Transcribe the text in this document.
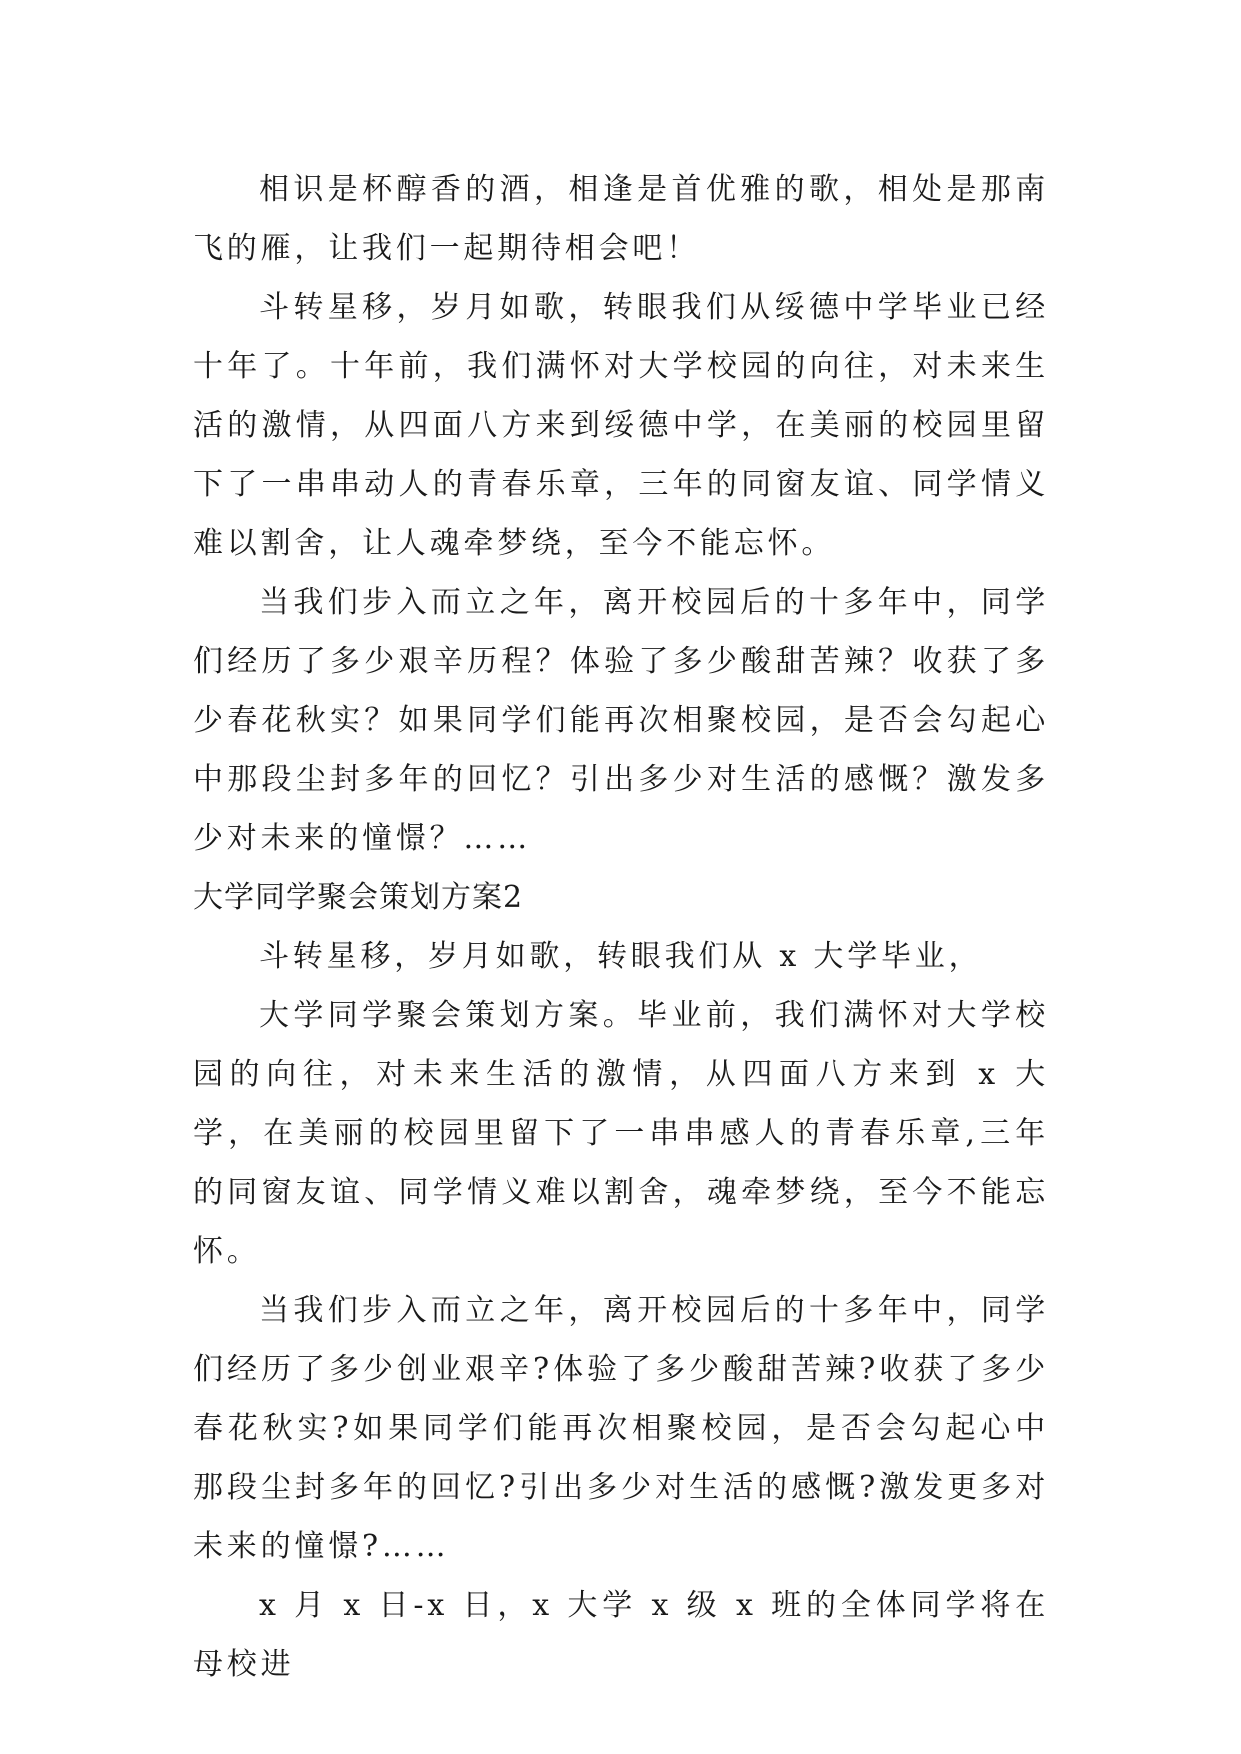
相识是杯醇香的酒，相逢是首优雅的歌，相处是那南飞的雁，让我们一起期待相会吧！

斗转星移，岁月如歌，转眼我们从绥德中学毕业已经十年了。十年前，我们满怀对大学校园的向往，对未来生活的激情，从四面八方来到绥德中学，在美丽的校园里留下了一串串动人的青春乐章，三年的同窗友谊、同学情义难以割舍，让人魂牵梦绕，至今不能忘怀。

当我们步入而立之年，离开校园后的十多年中，同学们经历了多少艰辛历程？体验了多少酸甜苦辣？收获了多少春花秋实？如果同学们能再次相聚校园，是否会勾起心中那段尘封多年的回忆？引出多少对生活的感慨？激发多少对未来的憧憬？……

大学同学聚会策划方案2

斗转星移，岁月如歌，转眼我们从 x 大学毕业，

大学同学聚会策划方案。毕业前，我们满怀对大学校园的向往，对未来生活的激情，从四面八方来到 x 大学，在美丽的校园里留下了一串串感人的青春乐章,三年的同窗友谊、同学情义难以割舍，魂牵梦绕，至今不能忘怀。

当我们步入而立之年，离开校园后的十多年中，同学们经历了多少创业艰辛?体验了多少酸甜苦辣?收获了多少春花秋实?如果同学们能再次相聚校园，是否会勾起心中那段尘封多年的回忆?引出多少对生活的感慨?激发更多对未来的憧憬?……

x 月 x 日-x 日，x 大学 x 级 x 班的全体同学将在母校进
